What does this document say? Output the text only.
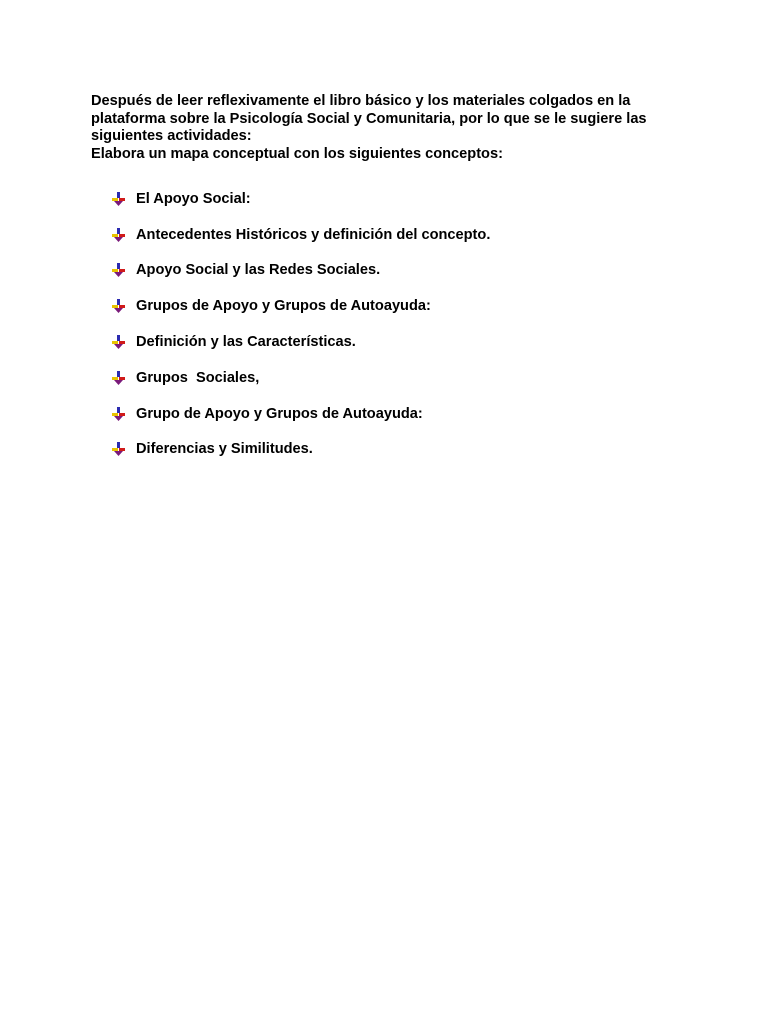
Después de leer reflexivamente el libro básico y los materiales colgados en la

plataforma sobre la Psicología Social y Comunitaria, por lo que se le sugiere las

siguientes actividades:

Elabora un mapa conceptual con los siguientes conceptos:

El Apoyo Social:
Antecedentes Históricos y definición del concepto.
Apoyo Social y las Redes Sociales.
Grupos de Apoyo y Grupos de Autoayuda:
Definición y las Características.
Grupos  Sociales,
Grupo de Apoyo y Grupos de Autoayuda:
Diferencias y Similitudes.
